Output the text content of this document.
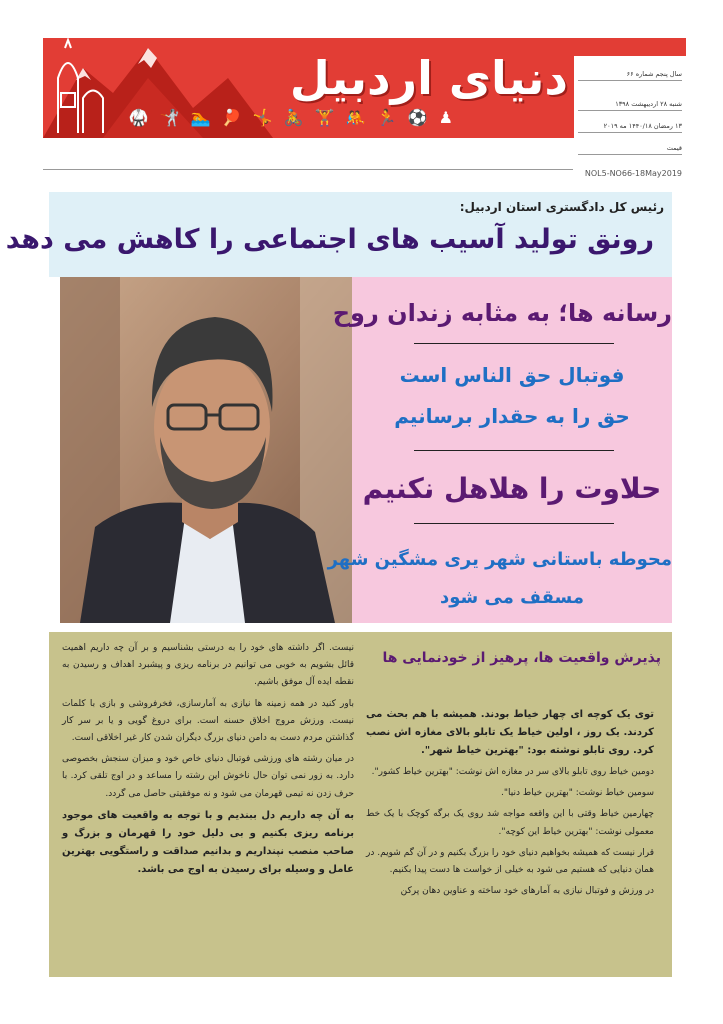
دنیای اردبیل
♟ ⚽ 🏃 🤼 🏋 🚴 🤸 🏓 🏊 🤺 🥋
سال پنجم شماره ۶۶
شنبه ۲۸ اردیبهشت ۱۳۹۸
۱۳ رمضان ۱۴۴۰/۱۸ مه ۲۰۱۹
قیمت
NOL5-NO66-18May2019
رئیس کل دادگستری استان اردبیل:
رونق تولید آسیب های اجتماعی را کاهش می دهد
رسانه ها؛ به مثابه زندان روح
فوتبال حق الناس است
حق را به حقدار برسانیم
حلاوت را هلاهل نکنیم
محوطه باستانی شهر یری مشگین شهر
مسقف می شود
پذیرش واقعیت ها، پرهیز از خودنمایی ها

توی یک کوچه ای چهار خیاط بودند. همیشه با هم بحث می کردند. یک روز ، اولین خیاط یک تابلو بالای مغازه اش نصب کرد. روی تابلو نوشته بود: "بهترین خیاط شهر".

دومین خیاط روی تابلو بالای سر در مغازه اش نوشت: "بهترین خیاط کشور".

سومین خیاط نوشت: "بهترین خیاط دنیا".

چهارمین خیاط وقتی با این واقعه مواجه شد روی یک برگه کوچک با یک خط معمولی نوشت: "بهترین خیاط این کوچه".

قرار نیست که همیشه بخواهیم دنیای خود را بزرگ بکنیم و در آن گم شویم. در همان دنیایی که هستیم می شود به خیلی از خواست ها دست پیدا بکنیم.

در ورزش و فوتبال نیازی به آمارهای خود ساخته و عناوین دهان پرکن

نیست. اگر داشته های خود را به درستی بشناسیم و بر آن چه داریم اهمیت قائل بشویم به خوبی می توانیم در برنامه ریزی و پیشبرد اهداف و رسیدن به نقطه ایده آل موفق باشیم.

باور کنید در همه زمینه ها نیازی به آمارسازی، فخرفروشی و بازی با کلمات نیست. ورزش مروج اخلاق حسنه است. برای دروغ گویی و یا بر سر کار گذاشتن مردم دست به دامن دنیای بزرگ دیگران شدن کار غیر اخلاقی است.

در میان رشته های ورزشی فوتبال دنیای خاص خود و میزان سنجش بخصوصی دارد. به زور نمی توان حال ناخوش این رشته را مساعد و در اوج تلقی کرد. با حرف زدن نه تیمی قهرمان می شود و نه موفقیتی حاصل می گردد.

به آن چه داریم دل ببندیم و با توجه به واقعیت های موجود برنامه ریزی بکنیم و بی دلیل خود را قهرمان و بزرگ و صاحب منصب نپنداریم و بدانیم صداقت و راستگویی بهترین عامل و وسیله برای رسیدن به اوج می باشد.
